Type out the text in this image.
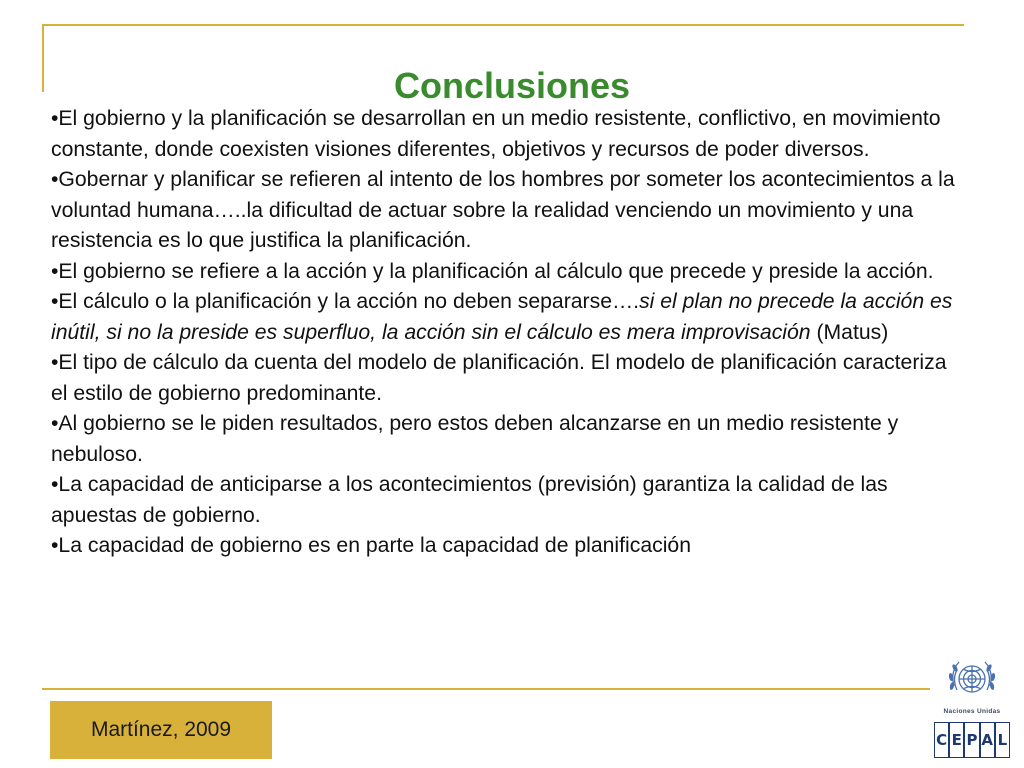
Conclusiones
• El gobierno y la planificación se desarrollan en un medio resistente, conflictivo, en movimiento constante, donde coexisten visiones diferentes, objetivos y recursos de poder diversos.
• Gobernar y planificar se refieren al intento de los hombres por someter los acontecimientos a la voluntad humana…..la dificultad de actuar sobre la realidad venciendo un movimiento y una resistencia es lo que justifica la planificación.
• El gobierno se refiere a la acción y la planificación al cálculo que precede y preside la acción.
• El cálculo o la planificación y la acción no deben separarse….si el plan no precede la acción es inútil, si no la preside es superfluo, la acción sin el cálculo es mera improvisación (Matus)
• El tipo de cálculo da cuenta del modelo de planificación. El modelo de planificación caracteriza el estilo de gobierno predominante.
• Al gobierno se le piden resultados, pero estos deben alcanzarse en un medio resistente y nebuloso.
• La capacidad de anticiparse a los acontecimientos (previsión) garantiza la calidad de las apuestas de gobierno.
• La capacidad de gobierno es en parte la capacidad de planificación
Martínez, 2009
Naciones Unidas
C E P A L
